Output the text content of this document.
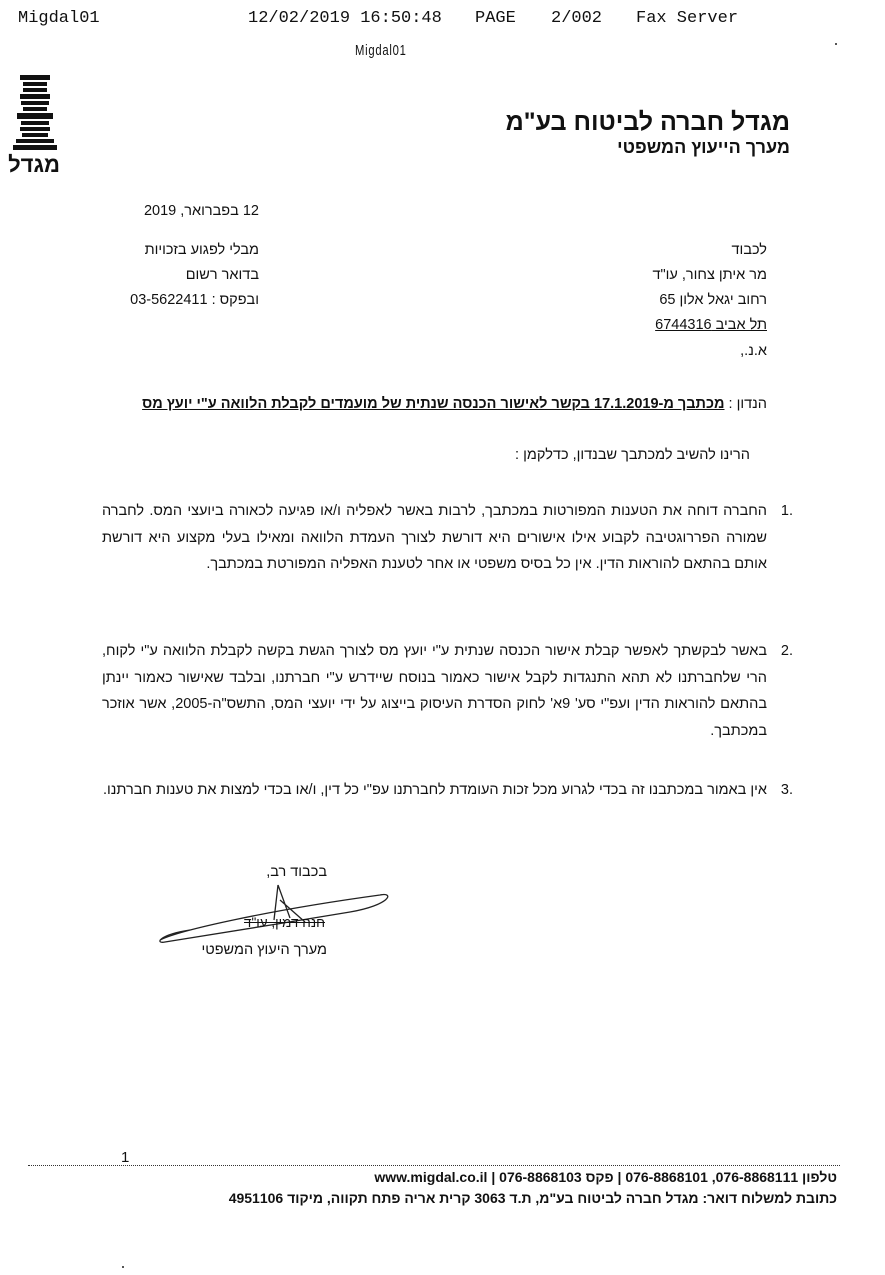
Migdal01	12/02/2019 16:50:48 PAGE 2/002 Fax Server
Migdal01
מגדל
מגדל חברה לביטוח בע"מ
מערך הייעוץ המשפטי
12 בפברואר, 2019
מבלי לפגוע בזכויות
בדואר רשום
ובפקס : 03-5622411
לכבוד
מר איתן צחור, עו"ד
רחוב יגאל אלון 65
תל אביב 6744316
א.נ.,
הנדון : מכתבך מ-17.1.2019 בקשר לאישור הכנסה שנתית של מועמדים לקבלת הלוואה ע"י יועץ מס
הרינו להשיב למכתבך שבנדון, כדלקמן :
1.
החברה דוחה את הטענות המפורטות במכתבך, לרבות באשר לאפליה ו/או פגיעה לכאורה ביועצי המס. לחברה שמורה הפררוגטיבה לקבוע אילו אישורים היא דורשת לצורך העמדת הלוואה ומאילו בעלי מקצוע היא דורשת אותם בהתאם להוראות הדין. אין כל בסיס משפטי או אחר לטענת האפליה המפורטת במכתבך.
2.
באשר לבקשתך לאפשר קבלת אישור הכנסה שנתית ע"י יועץ מס לצורך הגשת בקשה לקבלת הלוואה ע"י לקוח, הרי שלחברתנו לא תהא התנגדות לקבל אישור כאמור בנוסח שיידרש ע"י חברתנו, ובלבד שאישור כאמור יינתן בהתאם להוראות הדין ועפ"י סע' 9א' לחוק הסדרת העיסוק בייצוג על ידי יועצי המס, התשס"ה-2005, אשר אוזכר במכתבך.
3.
אין באמור במכתבנו זה בכדי לגרוע מכל זכות העומדת לחברתנו עפ"י כל דין, ו/או בכדי למצות את טענות חברתנו.
בכבוד רב,
חנה דמין, עו"ד
מערך היעוץ המשפטי
1
טלפון 076-8868111, 076-8868101 | פקס 076-8868103 | www.migdal.co.il
כתובת למשלוח דואר: מגדל חברה לביטוח בע"מ, ת.ד 3063 קרית אריה פתח תקווה, מיקוד 4951106
